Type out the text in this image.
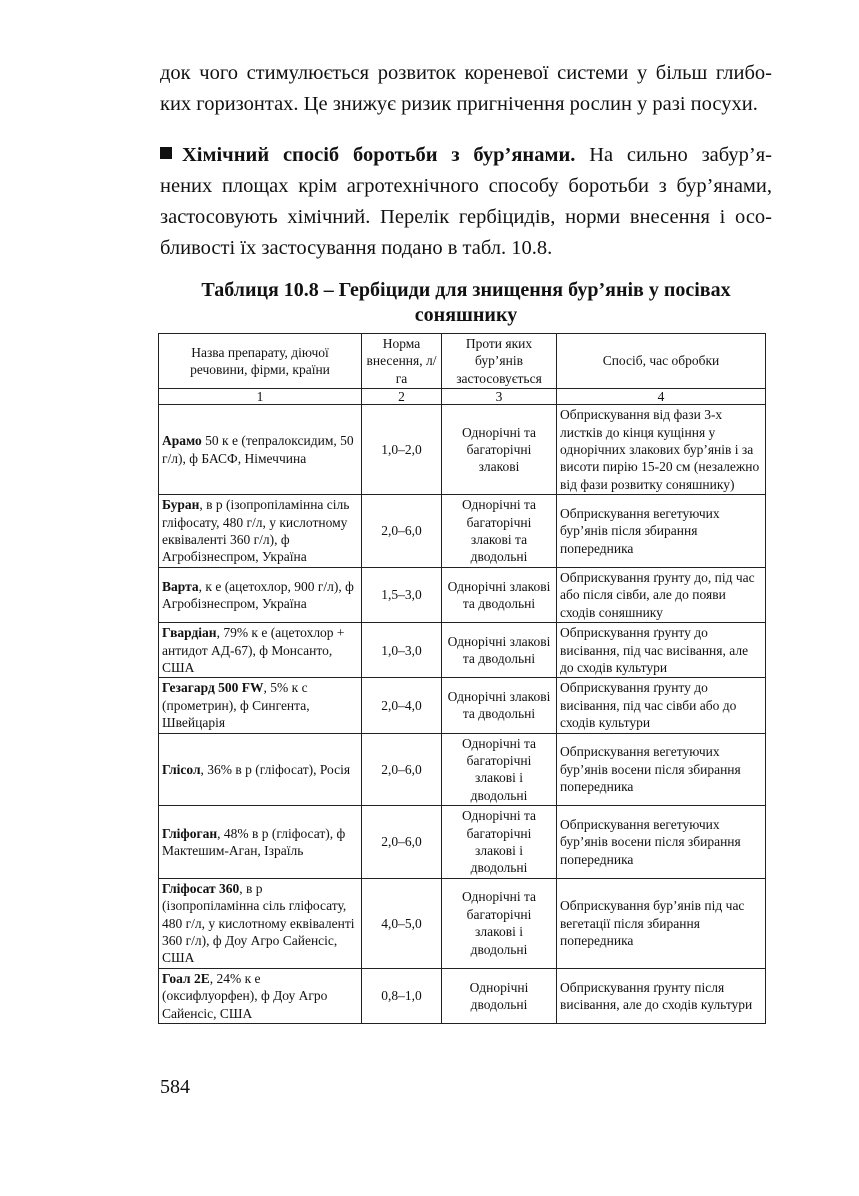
док чого стимулюється розвиток кореневої системи у більш глибо-
ких горизонтах. Це знижує ризик пригнічення рослин у разі посухи.
Хімічний спосіб боротьби з бур’янами. На сильно забур’я-
нених площах крім агротехнічного способу боротьби з бур’янами,
застосовують хімічний. Перелік гербіцидів, норми внесення і осо-
бливості їх застосування подано в табл. 10.8.
Таблиця 10.8 – Гербіциди для знищення бур’янів у посівах соняшнику
Назва препарату, діючої речовини, фірми, країни	Норма внесення, л/га	Проти яких бур’янів застосовується	Спосіб, час обробки
1	2	3	4
Арамо 50 к е (тепралоксидим, 50 г/л), ф БАСФ, Німеччина	1,0–2,0	Однорічні та багаторічні злакові	Обприскування від фази 3-х листків до кінця кущіння у однорічних злакових бур’янів і за висоти пирію 15-20 см (незалежно від фази розвитку соняшнику)
Буран, в р (ізопропіламінна сіль гліфосату, 480 г/л, у кислотному еквіваленті 360 г/л), ф Агробізнеспром, Україна	2,0–6,0	Однорічні та багаторічні злакові та дводольні	Обприскування вегетуючих бур’янів після збирання попередника
Варта, к е (ацетохлор, 900 г/л), ф Агробізнеспром, Україна	1,5–3,0	Однорічні злакові та дводольні	Обприскування ґрунту до, під час або після сівби, але до появи сходів соняшнику
Гвардіан, 79% к е (ацетохлор + антидот АД-67), ф Монсанто, США	1,0–3,0	Однорічні злакові та дводольні	Обприскування ґрунту до висівання, під час висівання, але до сходів культури
Гезагард 500 FW, 5% к с (прометрин), ф Сингента, Швейцарія	2,0–4,0	Однорічні злакові та дводольні	Обприскування ґрунту до висівання, під час сівби або до сходів культури
Глісол, 36% в р (гліфосат), Росія	2,0–6,0	Однорічні та багаторічні злакові і дводольні	Обприскування вегетуючих бур’янів восени після збирання попередника
Гліфоган, 48% в р (гліфосат), ф Мактешим-Аган, Ізраїль	2,0–6,0	Однорічні та багаторічні злакові і дводольні	Обприскування вегетуючих бур’янів восени після збирання попередника
Гліфосат 360, в р (ізопропіламінна сіль гліфосату, 480 г/л, у кислотному еквіваленті 360 г/л), ф Доу Агро Сайенсіс, США	4,0–5,0	Однорічні та багаторічні злакові і дводольні	Обприскування бур’янів під час вегетації після збирання попередника
Гоал 2Е, 24% к е (оксифлуорфен), ф Доу Агро Сайенсіс, США	0,8–1,0	Однорічні дводольні	Обприскування ґрунту після висівання, але до сходів культури
584
